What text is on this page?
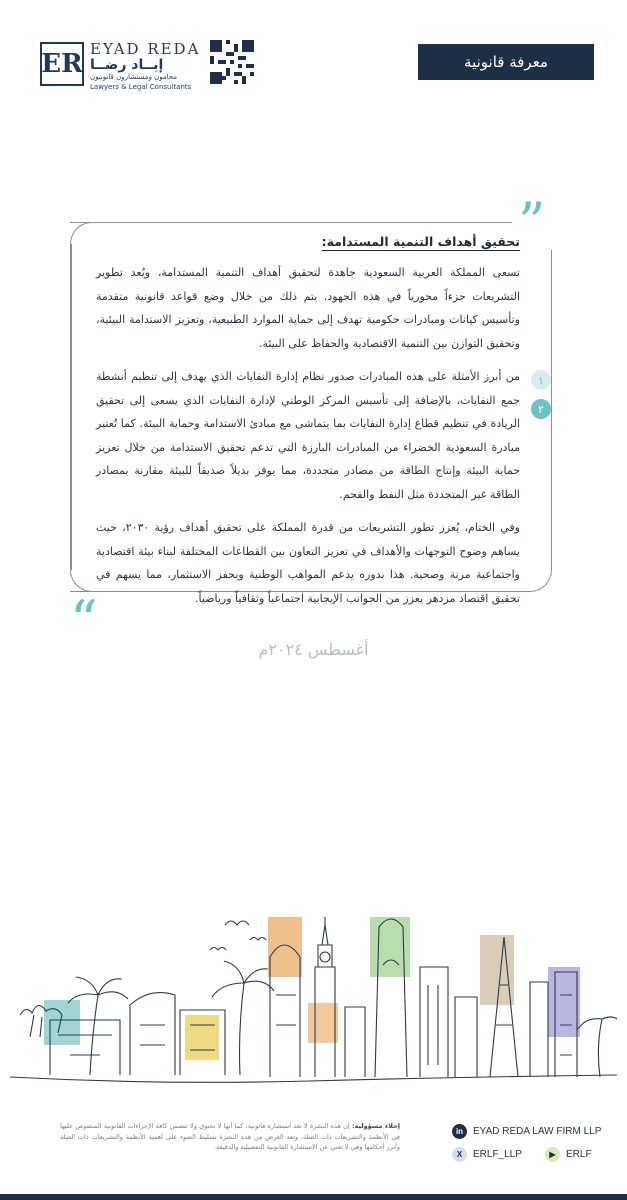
ER EYAD REDA
إيــاد رضــا
محامون ومستشارون قانونيون
Lawyers & Legal Consultants
معرفة قانونية
”
“

تحقيق أهداف التنمية المستدامة:

تسعى المملكة العربية السعودية جاهدة لتحقيق أهداف التنمية المستدامة، ويُعد تطوير التشريعات جزءاً محورياً في هذه الجهود. يتم ذلك من خلال وضع قواعد قانونية متقدمة وتأسيس كيانات ومبادرات حكومية تهدف إلى حماية الموارد الطبيعية، وتعزيز الاستدامة البيئية، وتحقيق التوازن بين التنمية الاقتصادية والحفاظ على البيئة.

من أبرز الأمثلة على هذه المبادرات صدور نظام إدارة النفايات الذي يهدف إلى تنظيم أنشطة جمع النفايات، بالإضافة إلى تأسيس المركز الوطني لإدارة النفايات الذي يسعى إلى تحقيق الريادة في تنظيم قطاع إدارة النفايات بما يتماشى مع مبادئ الاستدامة وحماية البيئة. كما تُعتبر مبادرة السعودية الخضراء من المبادرات البارزة التي تدعم تحقيق الاستدامة من خلال تعزيز حماية البيئة وإنتاج الطاقة من مصادر متجددة، مما يوفر بديلاً صديقاً للبيئة مقارنة بمصادر الطاقة غير المتجددة مثل النفط والفحم.

وفي الختام، يُعزز تطور التشريعات من قدرة المملكة على تحقيق أهداف رؤية ٢٠٣٠، حيث يساهم وضوح التوجهات والأهداف في تعزيز التعاون بين القطاعات المختلفة لبناء بيئة اقتصادية واجتماعية مرنة وصحية. هذا بدوره يدعم المواهب الوطنية ويحفز الاستثمار، مما يسهم في تحقيق اقتصاد مزدهر يعزز من الجوانب الإيجابية اجتماعياً وثقافياً ورياضياً.

١
٢
أغسطس ٢٠٢٤م
إخلاء مسؤولية: إن هذه النشرة لا تعد استشارة قانونية، كما أنها لا تحتوي ولا تتضمن كافة الإجراءات القانونية المنصوص عليها في الأنظمة والتشريعات ذات الصلة، وتعد الغرض من هذه النشرة تسليط الضوء على أهمية الأنظمة والتشريعات ذات الصلة وأبرز أحكامها وهي لا تغني عن الاستشارة القانونية التفصيلية والدقيقة.
in EYAD REDA LAW FIRM LLP
X	ERLF_LLP	▶	ERLF
